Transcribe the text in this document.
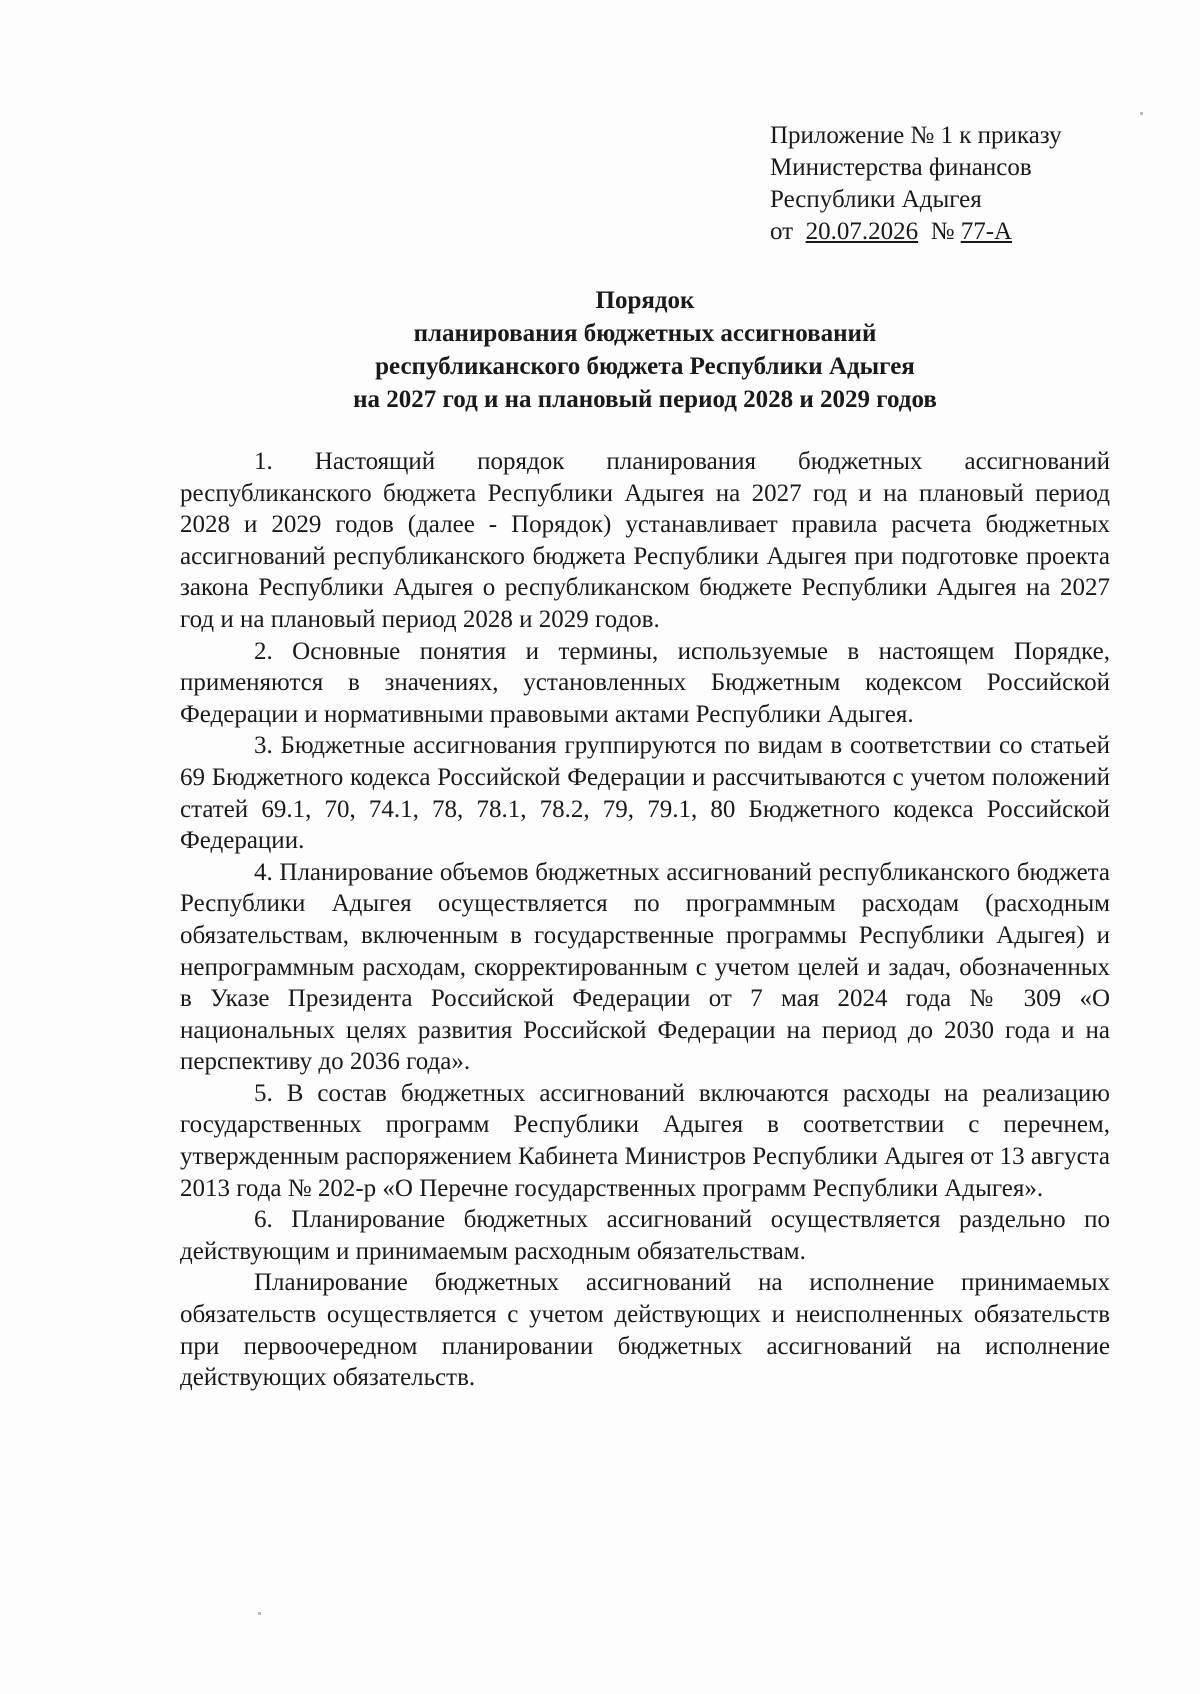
Приложение № 1 к приказу
Министерства финансов
Республики Адыгея
от 20.07.2026 № 77-А
Порядок
планирования бюджетных ассигнований
республиканского бюджета Республики Адыгея
на 2027 год и на плановый период 2028 и 2029 годов

1. Настоящий порядок планирования бюджетных ассигнований республиканского бюджета Республики Адыгея на 2027 год и на плановый период 2028 и 2029 годов (далее - Порядок) устанавливает правила расчета бюджетных ассигнований республиканского бюджета Республики Адыгея при подготовке проекта закона Республики Адыгея о республиканском бюджете Республики Адыгея на 2027 год и на плановый период 2028 и 2029 годов.

2. Основные понятия и термины, используемые в настоящем Порядке, применяются в значениях, установленных Бюджетным кодексом Российской Федерации и нормативными правовыми актами Республики Адыгея.

3. Бюджетные ассигнования группируются по видам в соответствии со статьей 69 Бюджетного кодекса Российской Федерации и рассчитываются с учетом положений статей 69.1, 70, 74.1, 78, 78.1, 78.2, 79, 79.1, 80 Бюджетного кодекса Российской Федерации.

4. Планирование объемов бюджетных ассигнований республиканского бюджета Республики Адыгея осуществляется по программным расходам (расходным обязательствам, включенным в государственные программы Республики Адыгея) и непрограммным расходам, скорректированным с учетом целей и задач, обозначенных в Указе Президента Российской Федерации от 7 мая 2024 года № 309 «О национальных целях развития Российской Федерации на период до 2030 года и на перспективу до 2036 года».

5. В состав бюджетных ассигнований включаются расходы на реализацию государственных программ Республики Адыгея в соответствии с перечнем, утвержденным распоряжением Кабинета Министров Республики Адыгея от 13 августа 2013 года № 202-р «О Перечне государственных программ Республики Адыгея».

6. Планирование бюджетных ассигнований осуществляется раздельно по действующим и принимаемым расходным обязательствам.

Планирование бюджетных ассигнований на исполнение принимаемых обязательств осуществляется с учетом действующих и неисполненных обязательств при первоочередном планировании бюджетных ассигнований на исполнение действующих обязательств.
